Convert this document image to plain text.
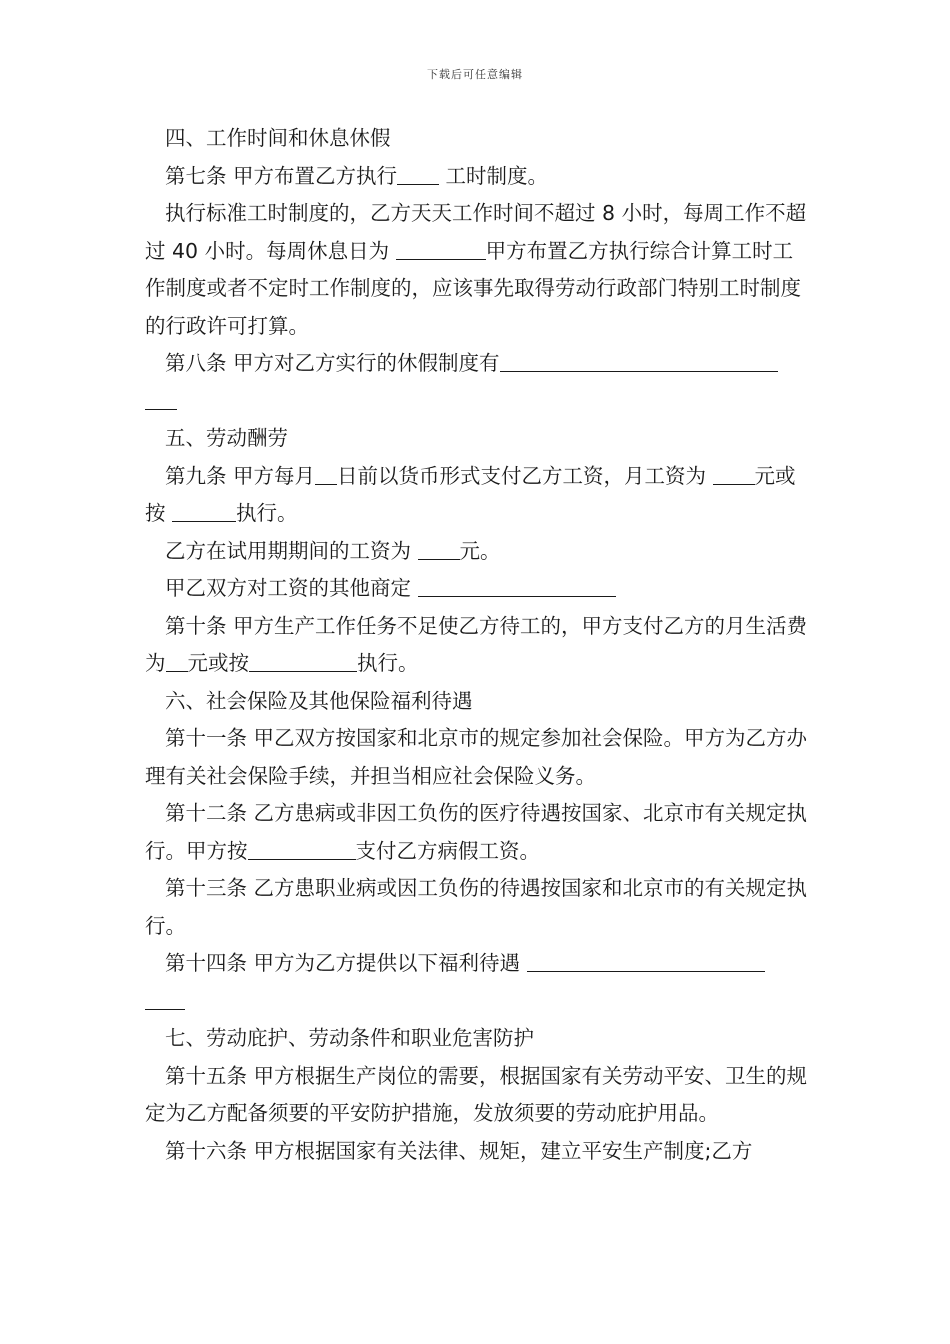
下载后可任意编辑

四、工作时间和休息休假

第七条 甲方布置乙方执行 工时制度。

执行标准工时制度的，乙方天天工作时间不超过 8 小时，每周工作不超过 40 小时。每周休息日为	甲方布置乙方执行综合计算工时工作制度或者不定时工作制度的，应该事先取得劳动行政部门特别工时制度的行政许可打算。

第八条 甲方对乙方实行的休假制度有

五、劳动酬劳

第九条 甲方每月 日前以货币形式支付乙方工资，月工资为 元或按	执行。

乙方在试用期期间的工资为 元。

甲乙双方对工资的其他商定

第十条 甲方生产工作任务不足使乙方待工的，甲方支付乙方的月生活费为 元或按	执行。

六、社会保险及其他保险福利待遇

第十一条 甲乙双方按国家和北京市的规定参加社会保险。甲方为乙方办理有关社会保险手续，并担当相应社会保险义务。

第十二条 乙方患病或非因工负伤的医疗待遇按国家、北京市有关规定执行。甲方按	支付乙方病假工资。

第十三条 乙方患职业病或因工负伤的待遇按国家和北京市的有关规定执行。

第十四条 甲方为乙方提供以下福利待遇

七、劳动庇护、劳动条件和职业危害防护

第十五条 甲方根据生产岗位的需要，根据国家有关劳动平安、卫生的规定为乙方配备须要的平安防护措施，发放须要的劳动庇护用品。

第十六条 甲方根据国家有关法律、规矩，建立平安生产制度;乙方
